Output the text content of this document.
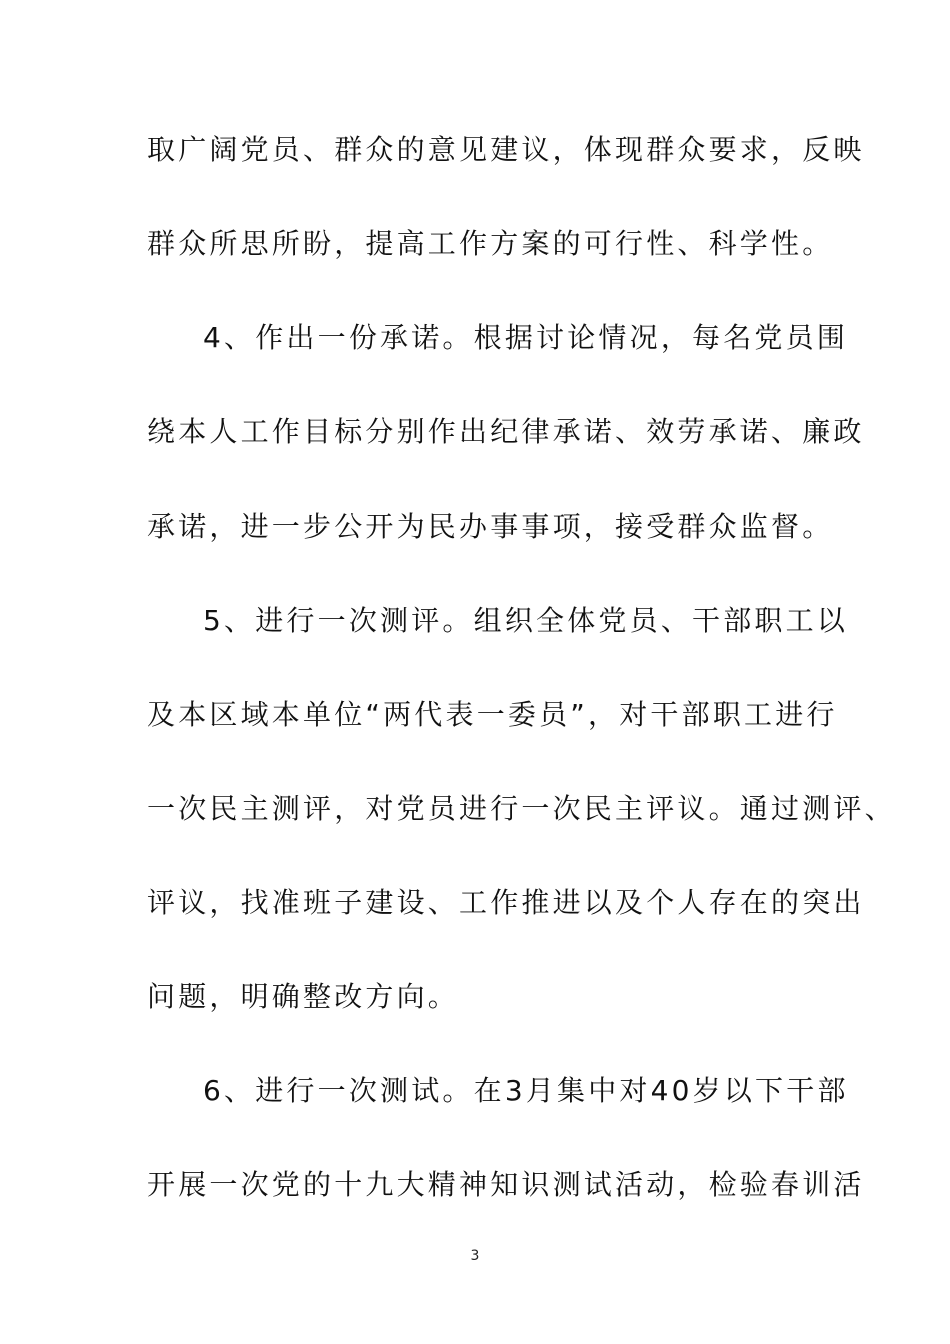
取广阔党员、群众的意见建议，体现群众要求，反映
群众所思所盼，提高工作方案的可行性、科学性。
4、作出一份承诺。根据讨论情况，每名党员围
绕本人工作目标分别作出纪律承诺、效劳承诺、廉政
承诺，进一步公开为民办事事项，接受群众监督。
5、进行一次测评。组织全体党员、干部职工以
及本区域本单位“两代表一委员”，对干部职工进行
一次民主测评，对党员进行一次民主评议。通过测评、
评议，找准班子建设、工作推进以及个人存在的突出
问题，明确整改方向。
6、进行一次测试。在3月集中对40岁以下干部
开展一次党的十九大精神知识测试活动，检验春训活
3
